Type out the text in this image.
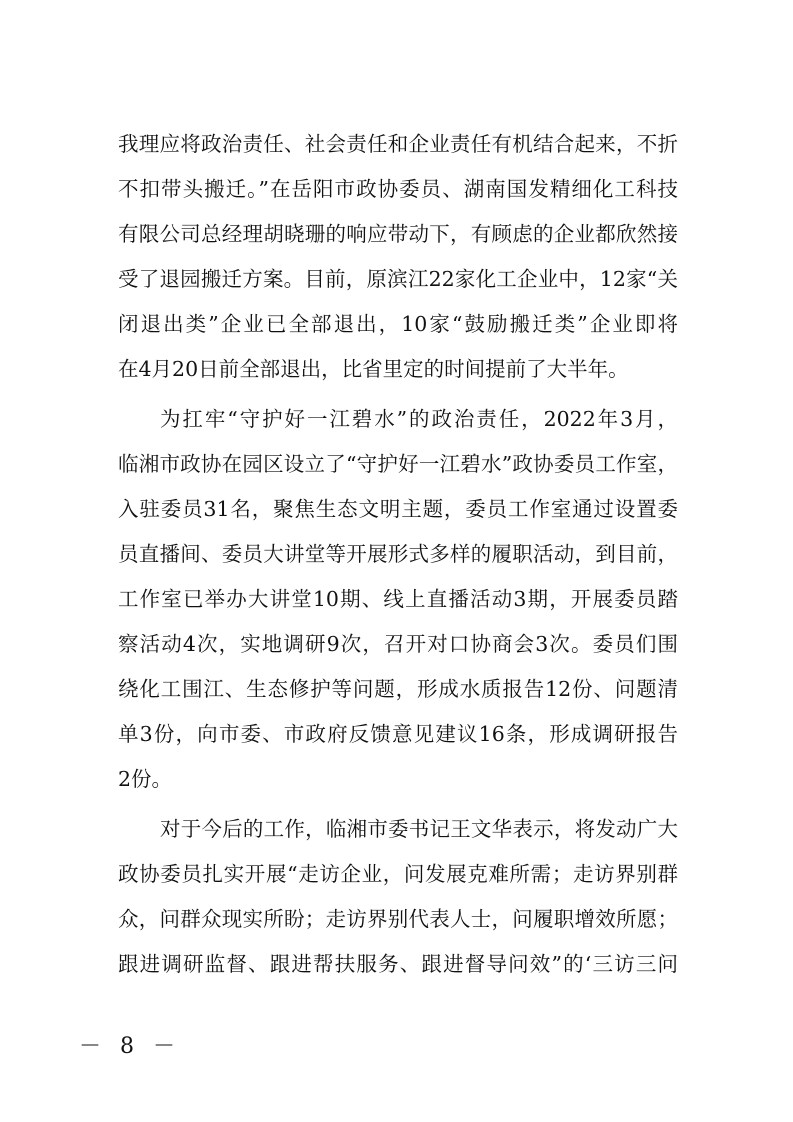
我理应将政治责任、社会责任和企业责任有机结合起来，不折
不扣带头搬迁。”在岳阳市政协委员、湖南国发精细化工科技
有限公司总经理胡晓珊的响应带动下，有顾虑的企业都欣然接
受了退园搬迁方案。目前，原滨江22家化工企业中，12家“关
闭退出类”企业已全部退出，10家“鼓励搬迁类”企业即将
在4月20日前全部退出，比省里定的时间提前了大半年。
为扛牢“守护好一江碧水”的政治责任，2022年3月，
临湘市政协在园区设立了“守护好一江碧水”政协委员工作室，
入驻委员31名，聚焦生态文明主题，委员工作室通过设置委
员直播间、委员大讲堂等开展形式多样的履职活动，到目前，
工作室已举办大讲堂10期、线上直播活动3期，开展委员踏
察活动4次，实地调研9次，召开对口协商会3次。委员们围
绕化工围江、生态修护等问题，形成水质报告12份、问题清
单3份，向市委、市政府反馈意见建议16条，形成调研报告
2份。
对于今后的工作，临湘市委书记王文华表示，将发动广大
政协委员扎实开展“走访企业，问发展克难所需；走访界别群
众，问群众现实所盼；走访界别代表人士，问履职增效所愿；
跟进调研监督、跟进帮扶服务、跟进督导问效”的‘三访三问
－ 8 －
